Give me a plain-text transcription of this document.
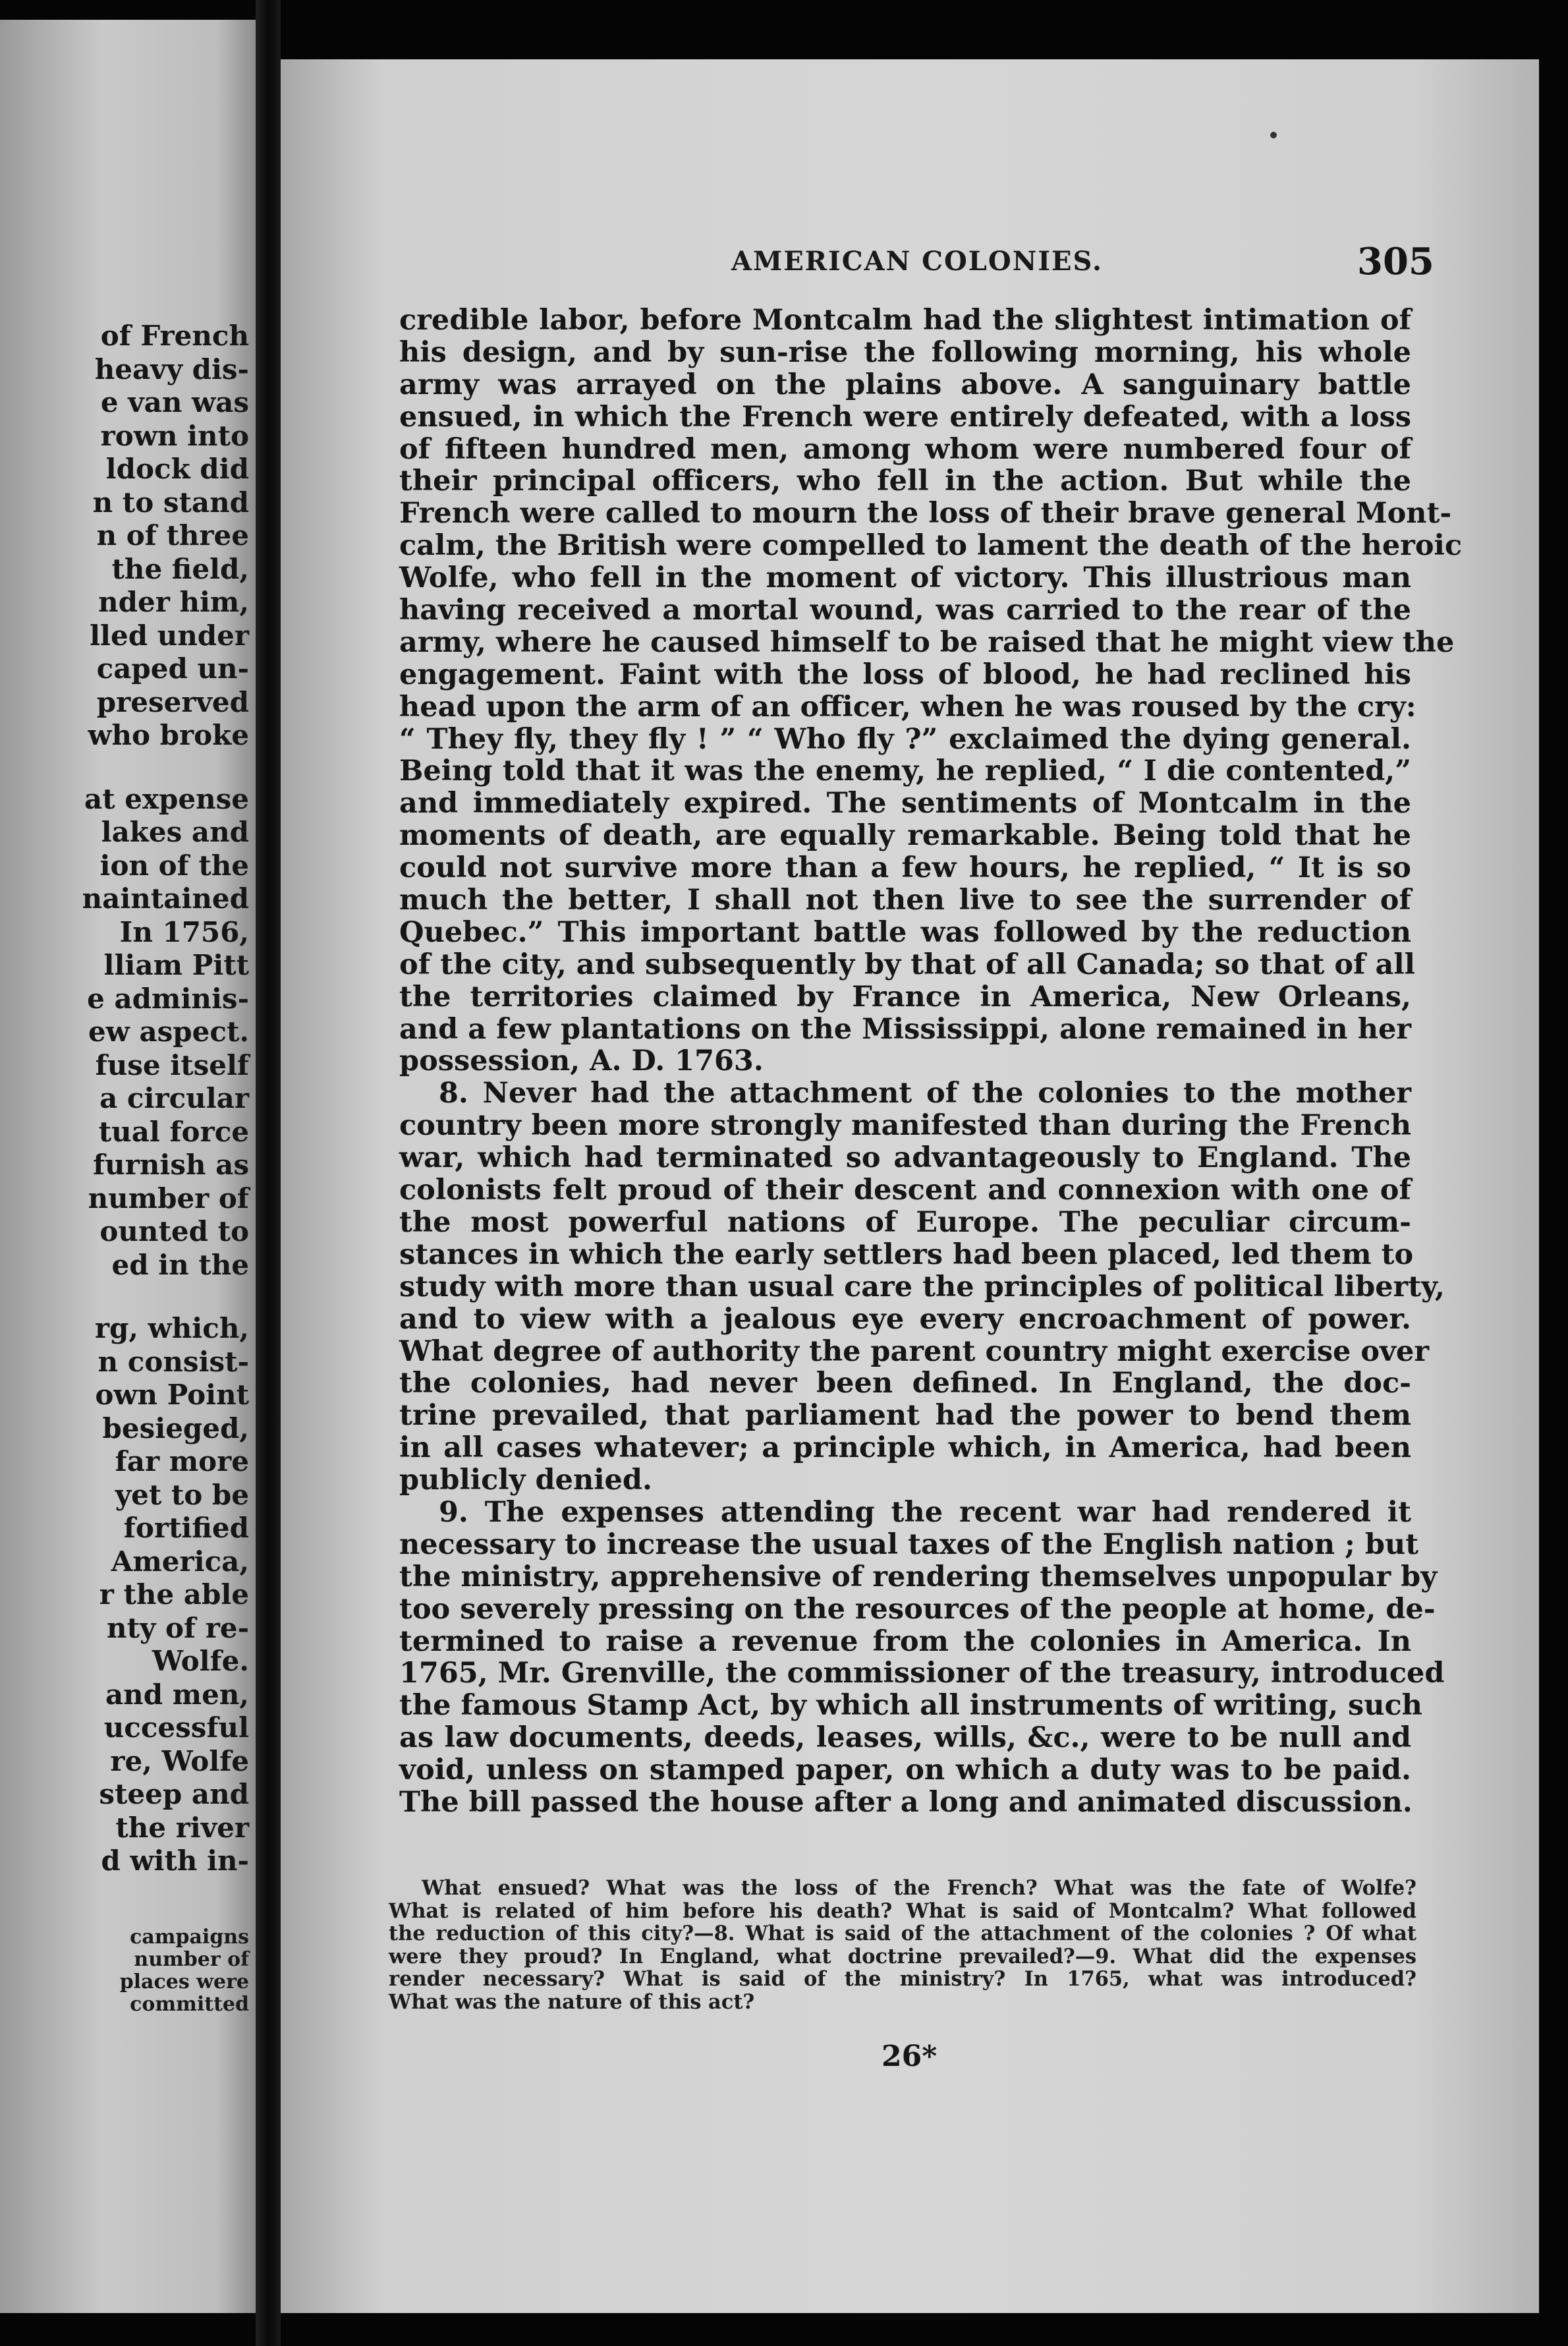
of French
heavy dis-
e van was
rown into
ldock did
n to stand
n of three
the field,
nder him,
lled under
caped un-
preserved
who broke
at expense
lakes and
ion of the
naintained
In 1756,
lliam Pitt
e adminis-
ew aspect.
fuse itself
a circular
tual force
furnish as
number of
ounted to
ed in the
rg, which,
n consist-
own Point
besieged,
far more
yet to be
fortified
America,
r the able
nty of re-
Wolfe.
and men,
uccessful
re, Wolfe
steep and
the river
d with in-
campaigns
number of
places were
committed
AMERICAN COLONIES.	305
credible labor, before Montcalm had the slightest intimation of
his design, and by sun-rise the following morning, his whole
army was arrayed on the plains above. A sanguinary battle
ensued, in which the French were entirely defeated, with a loss
of fifteen hundred men, among whom were numbered four of
their principal officers, who fell in the action. But while the
French were called to mourn the loss of their brave general Mont-
calm, the British were compelled to lament the death of the heroic
Wolfe, who fell in the moment of victory. This illustrious man
having received a mortal wound, was carried to the rear of the
army, where he caused himself to be raised that he might view the
engagement. Faint with the loss of blood, he had reclined his
head upon the arm of an officer, when he was roused by the cry:
“ They fly, they fly ! ” “ Who fly ?” exclaimed the dying general.
Being told that it was the enemy, he replied, “ I die contented,”
and immediately expired. The sentiments of Montcalm in the
moments of death, are equally remarkable. Being told that he
could not survive more than a few hours, he replied, “ It is so
much the better, I shall not then live to see the surrender of
Quebec.” This important battle was followed by the reduction
of the city, and subsequently by that of all Canada; so that of all
the territories claimed by France in America, New Orleans,
and a few plantations on the Mississippi, alone remained in her
possession, A. D. 1763.
8. Never had the attachment of the colonies to the mother
country been more strongly manifested than during the French
war, which had terminated so advantageously to England. The
colonists felt proud of their descent and connexion with one of
the most powerful nations of Europe. The peculiar circum-
stances in which the early settlers had been placed, led them to
study with more than usual care the principles of political liberty,
and to view with a jealous eye every encroachment of power.
What degree of authority the parent country might exercise over
the colonies, had never been defined. In England, the doc-
trine prevailed, that parliament had the power to bend them
in all cases whatever; a principle which, in America, had been
publicly denied.
9. The expenses attending the recent war had rendered it
necessary to increase the usual taxes of the English nation ; but
the ministry, apprehensive of rendering themselves unpopular by
too severely pressing on the resources of the people at home, de-
termined to raise a revenue from the colonies in America. In
1765, Mr. Grenville, the commissioner of the treasury, introduced
the famous Stamp Act, by which all instruments of writing, such
as law documents, deeds, leases, wills, &c., were to be null and
void, unless on stamped paper, on which a duty was to be paid.
The bill passed the house after a long and animated discussion.
What ensued? What was the loss of the French? What was the fate of Wolfe?
What is related of him before his death? What is said of Montcalm? What followed
the reduction of this city?—8. What is said of the attachment of the colonies ? Of what
were they proud? In England, what doctrine prevailed?—9. What did the expenses
render necessary? What is said of the ministry? In 1765, what was introduced?
What was the nature of this act?
26*
